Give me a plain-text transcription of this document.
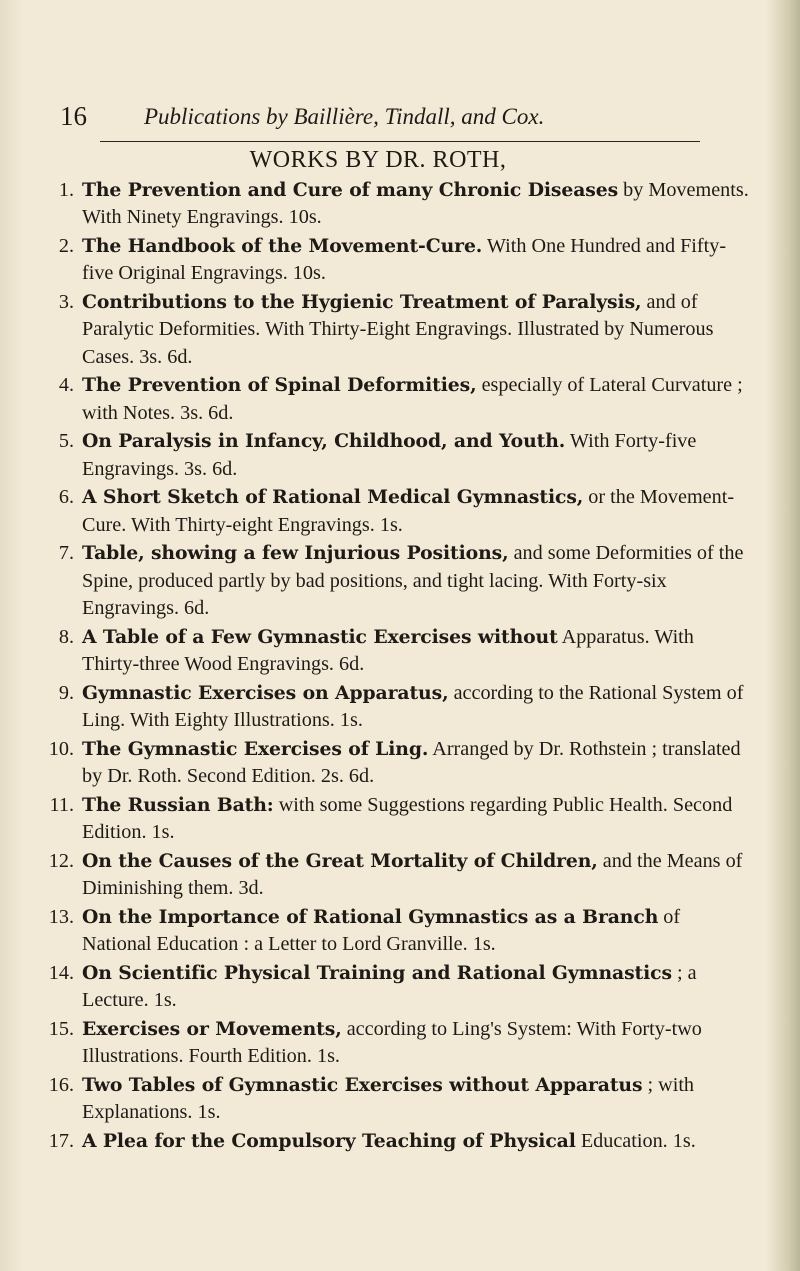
16 Publications by Baillière, Tindall, and Cox.
WORKS BY DR. ROTH,
1. The Prevention and Cure of many Chronic Diseases by Movements. With Ninety Engravings. 10s.
2. The Handbook of the Movement-Cure. With One Hundred and Fifty-five Original Engravings. 10s.
3. Contributions to the Hygienic Treatment of Paralysis, and of Paralytic Deformities. With Thirty-Eight Engravings. Illustrated by Numerous Cases. 3s. 6d.
4. The Prevention of Spinal Deformities, especially of Lateral Curvature ; with Notes. 3s. 6d.
5. On Paralysis in Infancy, Childhood, and Youth. With Forty-five Engravings. 3s. 6d.
6. A Short Sketch of Rational Medical Gymnastics, or the Movement-Cure. With Thirty-eight Engravings. 1s.
7. Table, showing a few Injurious Positions, and some Deformities of the Spine, produced partly by bad positions, and tight lacing. With Forty-six Engravings. 6d.
8. A Table of a Few Gymnastic Exercises without Apparatus. With Thirty-three Wood Engravings. 6d.
9. Gymnastic Exercises on Apparatus, according to the Rational System of Ling. With Eighty Illustrations. 1s.
10. The Gymnastic Exercises of Ling. Arranged by Dr. Rothstein ; translated by Dr. Roth. Second Edition. 2s. 6d.
11. The Russian Bath: with some Suggestions regarding Public Health. Second Edition. 1s.
12. On the Causes of the Great Mortality of Children, and the Means of Diminishing them. 3d.
13. On the Importance of Rational Gymnastics as a Branch of National Education : a Letter to Lord Granville. 1s.
14. On Scientific Physical Training and Rational Gymnastics ; a Lecture. 1s.
15. Exercises or Movements, according to Ling's System: With Forty-two Illustrations. Fourth Edition. 1s.
16. Two Tables of Gymnastic Exercises without Apparatus ; with Explanations. 1s.
17. A Plea for the Compulsory Teaching of Physical Education. 1s.
